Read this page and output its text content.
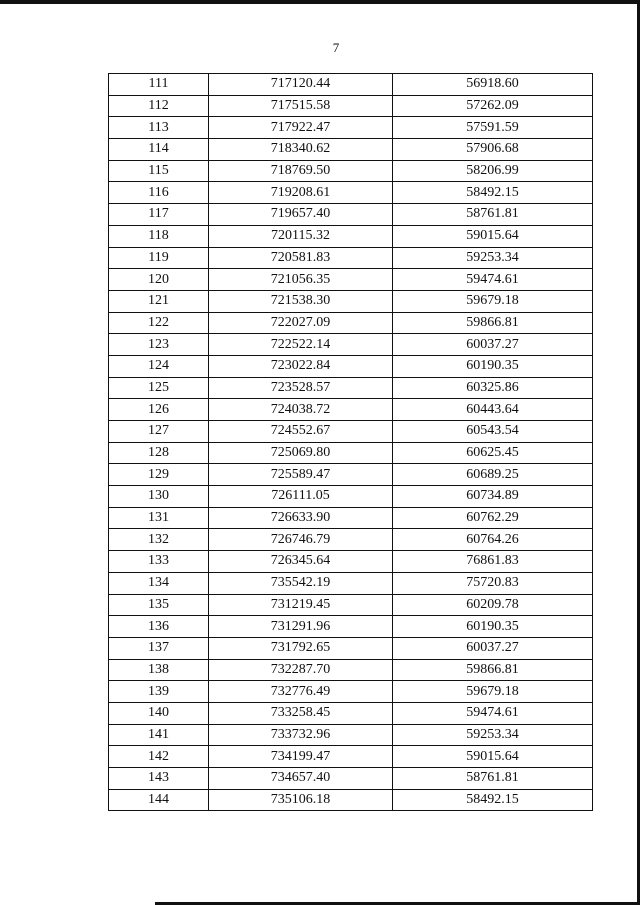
7
111	717120.44	56918.60
112	717515.58	57262.09
113	717922.47	57591.59
114	718340.62	57906.68
115	718769.50	58206.99
116	719208.61	58492.15
117	719657.40	58761.81
118	720115.32	59015.64
119	720581.83	59253.34
120	721056.35	59474.61
121	721538.30	59679.18
122	722027.09	59866.81
123	722522.14	60037.27
124	723022.84	60190.35
125	723528.57	60325.86
126	724038.72	60443.64
127	724552.67	60543.54
128	725069.80	60625.45
129	725589.47	60689.25
130	726111.05	60734.89
131	726633.90	60762.29
132	726746.79	60764.26
133	726345.64	76861.83
134	735542.19	75720.83
135	731219.45	60209.78
136	731291.96	60190.35
137	731792.65	60037.27
138	732287.70	59866.81
139	732776.49	59679.18
140	733258.45	59474.61
141	733732.96	59253.34
142	734199.47	59015.64
143	734657.40	58761.81
144	735106.18	58492.15
